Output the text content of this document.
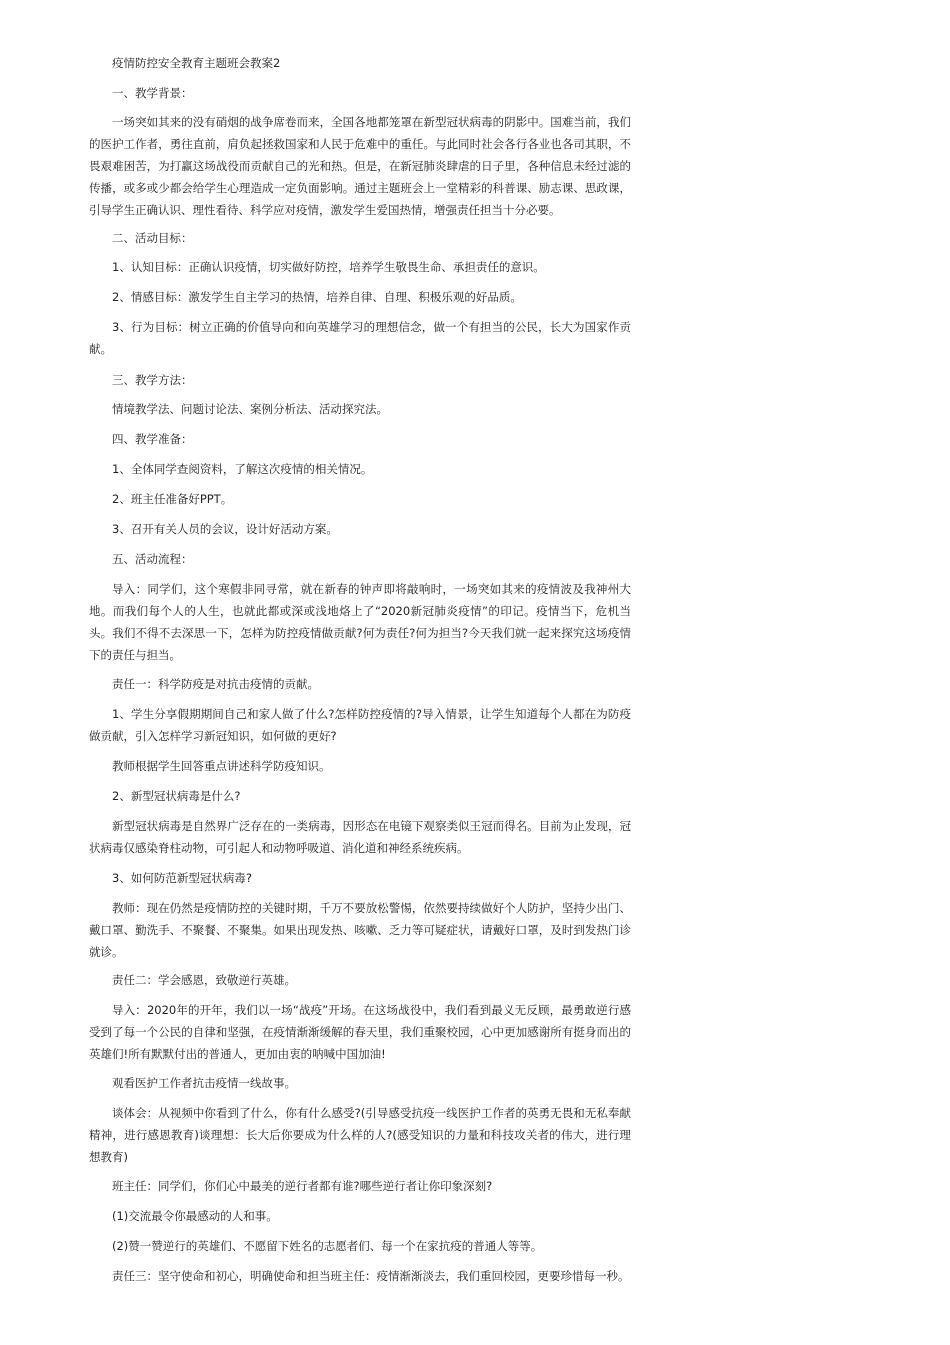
疫情防控安全教育主题班会教案2

一、教学背景：

一场突如其来的没有硝烟的战争席卷而来，全国各地都笼罩在新型冠状病毒的阴影中。国难当前，我们的医护工作者，勇往直前，肩负起拯救国家和人民于危难中的重任。与此同时社会各行各业也各司其职，不畏艰难困苦，为打赢这场战役而贡献自己的光和热。但是，在新冠肺炎肆虐的日子里，各种信息未经过滤的传播，或多或少都会给学生心理造成一定负面影响。通过主题班会上一堂精彩的科普课、励志课、思政课，引导学生正确认识、理性看待、科学应对疫情，激发学生爱国热情，增强责任担当十分必要。

二、活动目标：

1、认知目标：正确认识疫情，切实做好防控，培养学生敬畏生命、承担责任的意识。

2、情感目标：激发学生自主学习的热情，培养自律、自理、积极乐观的好品质。

3、行为目标：树立正确的价值导向和向英雄学习的理想信念，做一个有担当的公民，长大为国家作贡献。

三、教学方法：

情境教学法、问题讨论法、案例分析法、活动探究法。

四、教学准备：

1、全体同学查阅资料，了解这次疫情的相关情况。

2、班主任准备好PPT。

3、召开有关人员的会议，设计好活动方案。

五、活动流程：

导入：同学们，这个寒假非同寻常，就在新春的钟声即将敲响时，一场突如其来的疫情波及我神州大地。而我们每个人的人生，也就此都或深或浅地烙上了“2020新冠肺炎疫情”的印记。疫情当下，危机当头。我们不得不去深思一下，怎样为防控疫情做贡献?何为责任?何为担当?今天我们就一起来探究这场疫情下的责任与担当。

责任一：科学防疫是对抗击疫情的贡献。

1、学生分享假期期间自己和家人做了什么?怎样防控疫情的?导入情景，让学生知道每个人都在为防疫做贡献，引入怎样学习新冠知识，如何做的更好?

教师根据学生回答重点讲述科学防疫知识。

2、新型冠状病毒是什么?

新型冠状病毒是自然界广泛存在的一类病毒，因形态在电镜下观察类似王冠而得名。目前为止发现，冠状病毒仅感染脊柱动物，可引起人和动物呼吸道、消化道和神经系统疾病。

3、如何防范新型冠状病毒?

教师：现在仍然是疫情防控的关键时期，千万不要放松警惕，依然要持续做好个人防护，坚持少出门、戴口罩、勤洗手、不聚餐、不聚集。如果出现发热、咳嗽、乏力等可疑症状，请戴好口罩，及时到发热门诊就诊。

责任二：学会感恩，致敬逆行英雄。

导入：2020年的开年，我们以一场“战疫”开场。在这场战役中，我们看到最义无反顾，最勇敢逆行感受到了每一个公民的自律和坚强，在疫情渐渐缓解的春天里，我们重聚校园，心中更加感谢所有挺身而出的英雄们!所有默默付出的普通人，更加由衷的呐喊中国加油!

观看医护工作者抗击疫情一线故事。

谈体会：从视频中你看到了什么，你有什么感受?(引导感受抗疫一线医护工作者的英勇无畏和无私奉献精神，进行感恩教育)谈理想：长大后你要成为什么样的人?(感受知识的力量和科技攻关者的伟大，进行理想教育)

班主任：同学们，你们心中最美的逆行者都有谁?哪些逆行者让你印象深刻?

(1)交流最令你最感动的人和事。

(2)赞一赞逆行的英雄们、不愿留下姓名的志愿者们、每一个在家抗疫的普通人等等。

责任三：坚守使命和初心，明确使命和担当班主任：疫情渐渐淡去，我们重回校园，更要珍惜每一秒。
